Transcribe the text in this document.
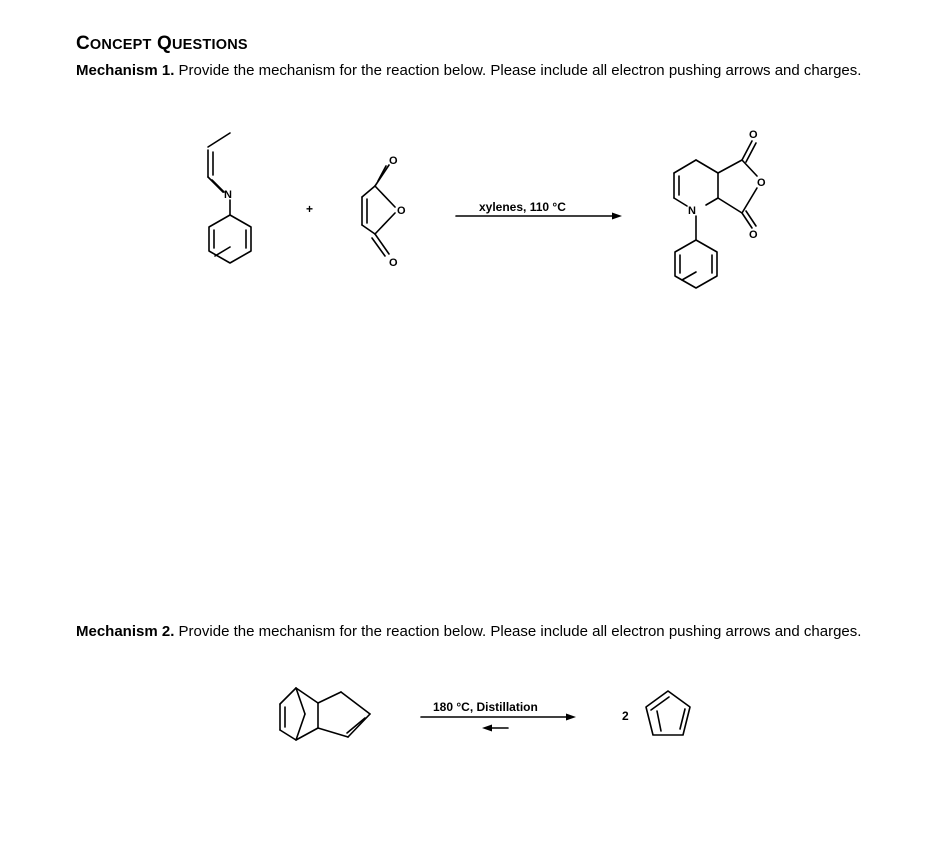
CONCEPT QUESTIONS
Mechanism 1. Provide the mechanism for the reaction below. Please include all electron pushing arrows and charges.
Mechanism 2. Provide the mechanism for the reaction below. Please include all electron pushing arrows and charges.
N
+
O
O
O
xylenes, 110 °C	N
O
O
O
180 °C, Distillation
2
